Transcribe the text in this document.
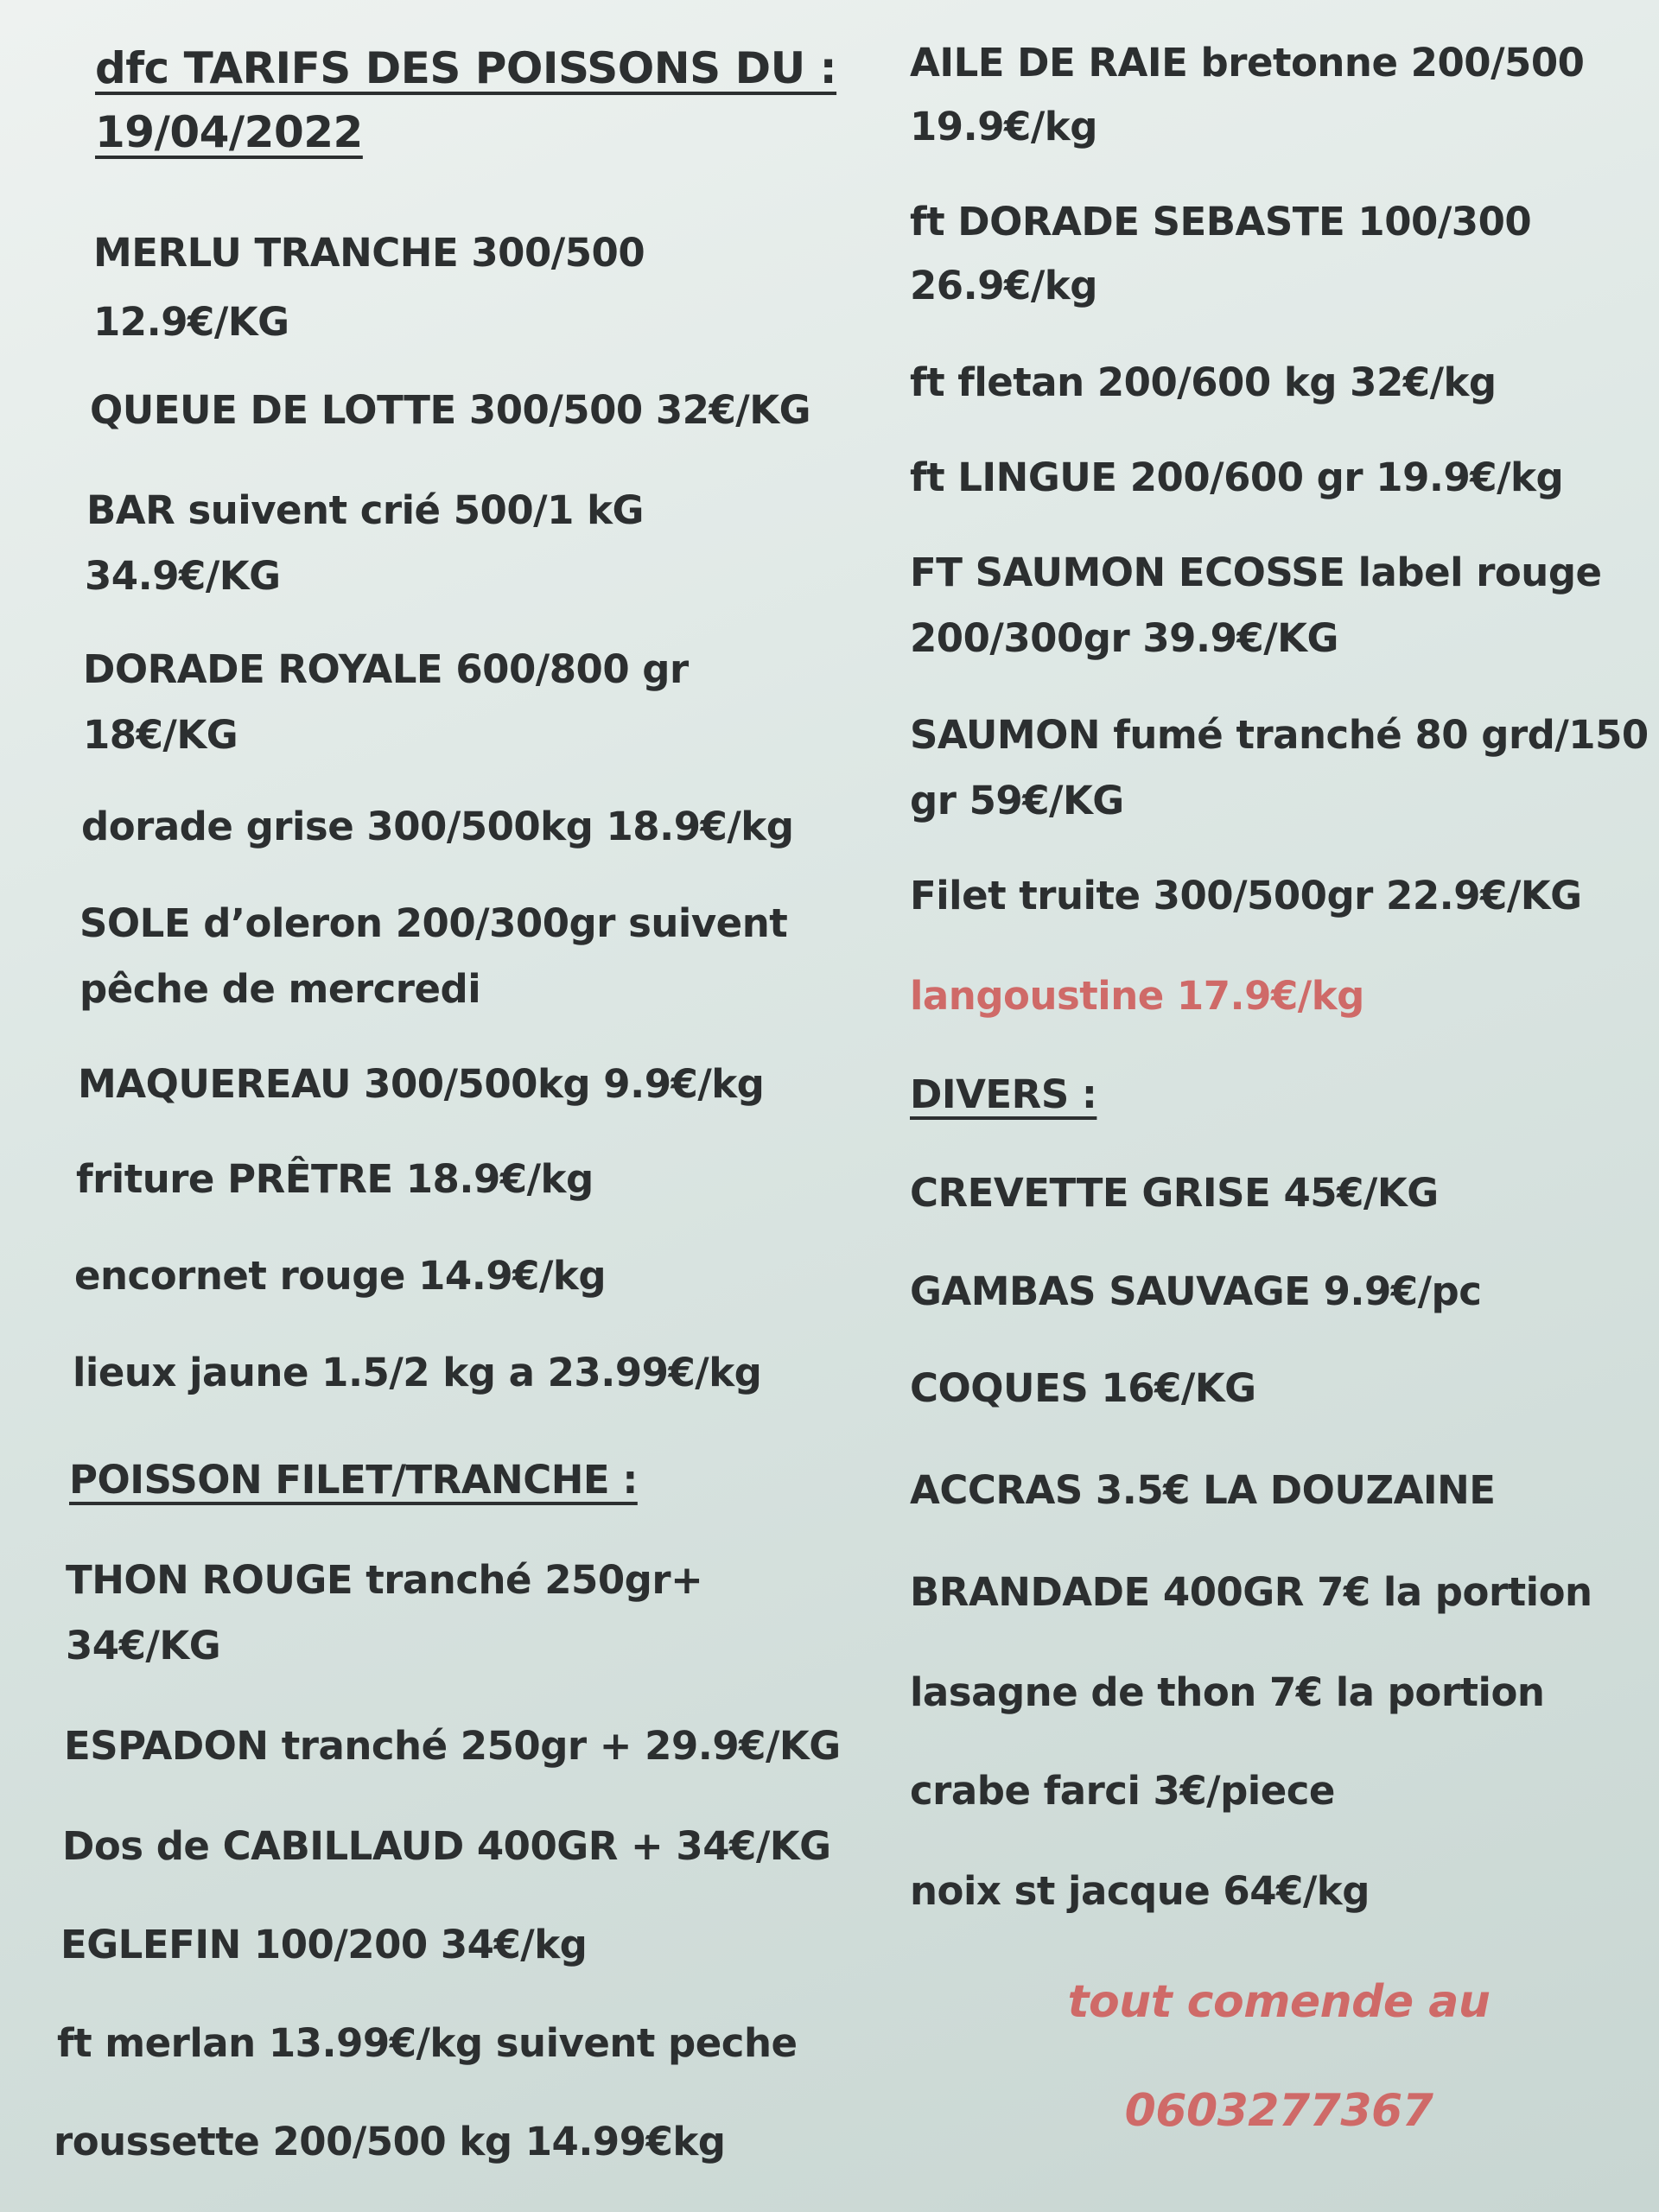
dfc TARIFS DES POISSONS DU :
19/04/2022
MERLU TRANCHE 300/500
12.9€/KG
QUEUE DE LOTTE 300/500 32€/KG
BAR suivent crié 500/1 kG
34.9€/KG
DORADE ROYALE 600/800 gr
18€/KG
dorade grise 300/500kg 18.9€/kg
SOLE d’oleron 200/300gr suivent
pêche de mercredi
MAQUEREAU 300/500kg 9.9€/kg
friture PRÊTRE 18.9€/kg
encornet rouge 14.9€/kg
lieux jaune 1.5/2 kg a 23.99€/kg
POISSON FILET/TRANCHE :
THON ROUGE tranché 250gr+
34€/KG
ESPADON tranché 250gr + 29.9€/KG
Dos de CABILLAUD 400GR + 34€/KG
EGLEFIN 100/200 34€/kg
ft merlan 13.99€/kg suivent peche
roussette 200/500 kg 14.99€kg
AILE DE RAIE bretonne 200/500
19.9€/kg
ft DORADE SEBASTE 100/300
26.9€/kg
ft fletan 200/600 kg 32€/kg
ft LINGUE 200/600 gr 19.9€/kg
FT SAUMON ECOSSE label rouge
200/300gr 39.9€/KG
SAUMON fumé tranché 80 grd/150
gr 59€/KG
Filet truite 300/500gr 22.9€/KG
langoustine 17.9€/kg
DIVERS :
CREVETTE GRISE 45€/KG
GAMBAS SAUVAGE 9.9€/pc
COQUES 16€/KG
ACCRAS 3.5€ LA DOUZAINE
BRANDADE 400GR 7€ la portion
lasagne de thon 7€ la portion
crabe farci 3€/piece
noix st jacque 64€/kg
tout comende au
0603277367
